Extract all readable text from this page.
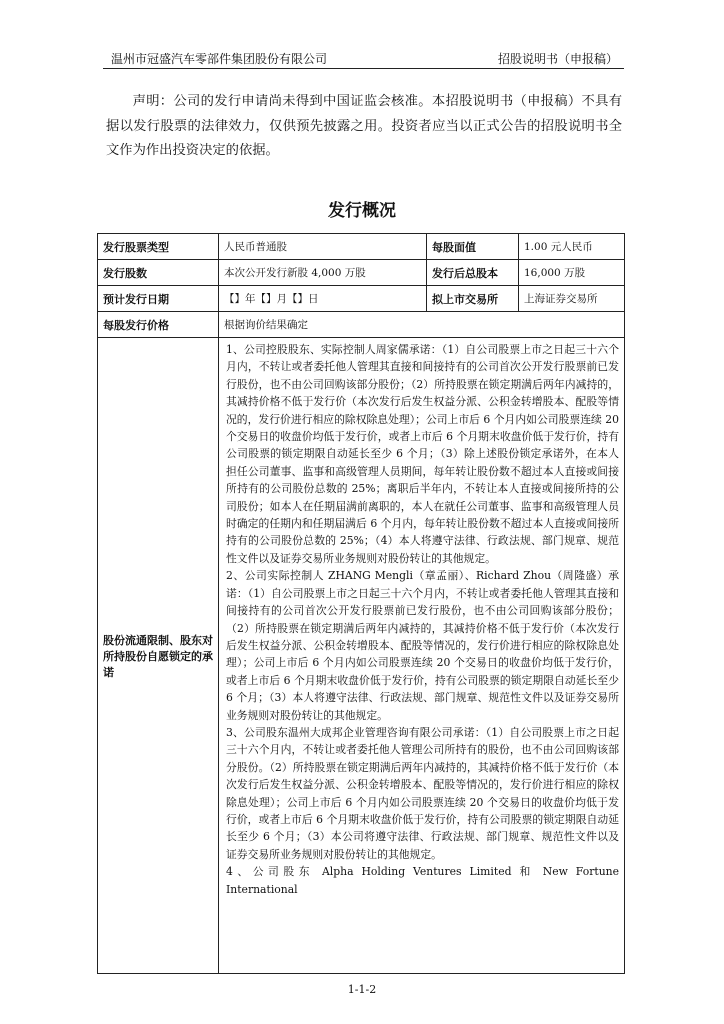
温州市冠盛汽车零部件集团股份有限公司	招股说明书（申报稿）
声明：公司的发行申请尚未得到中国证监会核准。本招股说明书（申报稿）不具有据以发行股票的法律效力，仅供预先披露之用。投资者应当以正式公告的招股说明书全文作为作出投资决定的依据。
发行概况
发行股票类型	人民币普通股	每股面值	1.00 元人民币
发行股数	本次公开发行新股 4,000 万股	发行后总股本	16,000 万股
预计发行日期	【】年【】月【】日	拟上市交易所	上海证券交易所
每股发行价格	根据询价结果确定		
股份流通限制、股东对所持股份自愿锁定的承诺	1、公司控股股东、实际控制人周家儒承诺：（1）自公司股票上市之日起三十六个月内，不转让或者委托他人管理其直接和间接持有的公司首次公开发行股票前已发行股份，也不由公司回购该部分股份；（2）所持股票在锁定期满后两年内减持的，其减持价格不低于发行价（本次发行后发生权益分派、公积金转增股本、配股等情况的，发行价进行相应的除权除息处理）；公司上市后 6 个月内如公司股票连续 20 个交易日的收盘价均低于发行价，或者上市后 6 个月期末收盘价低于发行价，持有公司股票的锁定期限自动延长至少 6 个月；（3）除上述股份锁定承诺外，在本人担任公司董事、监事和高级管理人员期间，每年转让股份数不超过本人直接或间接所持有的公司股份总数的 25%；离职后半年内，不转让本人直接或间接所持的公司股份；如本人在任期届满前离职的，本人在就任公司董事、监事和高级管理人员时确定的任期内和任期届满后 6 个月内，每年转让股份数不超过本人直接或间接所持有的公司股份总数的 25%；（4）本人将遵守法律、行政法规、部门规章、规范性文件以及证券交易所业务规则对股份转让的其他规定。

2、公司实际控制人 ZHANG Mengli（章孟丽）、Richard Zhou（周隆盛）承诺：（1）自公司股票上市之日起三十六个月内，不转让或者委托他人管理其直接和间接持有的公司首次公开发行股票前已发行股份，也不由公司回购该部分股份；（2）所持股票在锁定期满后两年内减持的，其减持价格不低于发行价（本次发行后发生权益分派、公积金转增股本、配股等情况的，发行价进行相应的除权除息处理）；公司上市后 6 个月内如公司股票连续 20 个交易日的收盘价均低于发行价，或者上市后 6 个月期末收盘价低于发行价，持有公司股票的锁定期限自动延长至少 6 个月；（3）本人将遵守法律、行政法规、部门规章、规范性文件以及证券交易所业务规则对股份转让的其他规定。

3、公司股东温州大成邦企业管理咨询有限公司承诺：（1）自公司股票上市之日起三十六个月内，不转让或者委托他人管理公司所持有的股份，也不由公司回购该部分股份。（2）所持股票在锁定期满后两年内减持的，其减持价格不低于发行价（本次发行后发生权益分派、公积金转增股本、配股等情况的，发行价进行相应的除权除息处理）；公司上市后 6 个月内如公司股票连续 20 个交易日的收盘价均低于发行价，或者上市后 6 个月期末收盘价低于发行价，持有公司股票的锁定期限自动延长至少 6 个月；（3）本公司将遵守法律、行政法规、部门规章、规范性文件以及证券交易所业务规则对股份转让的其他规定。

4、公司股东 Alpha Holding Ventures Limited 和 New Fortune International		

1-1-2
